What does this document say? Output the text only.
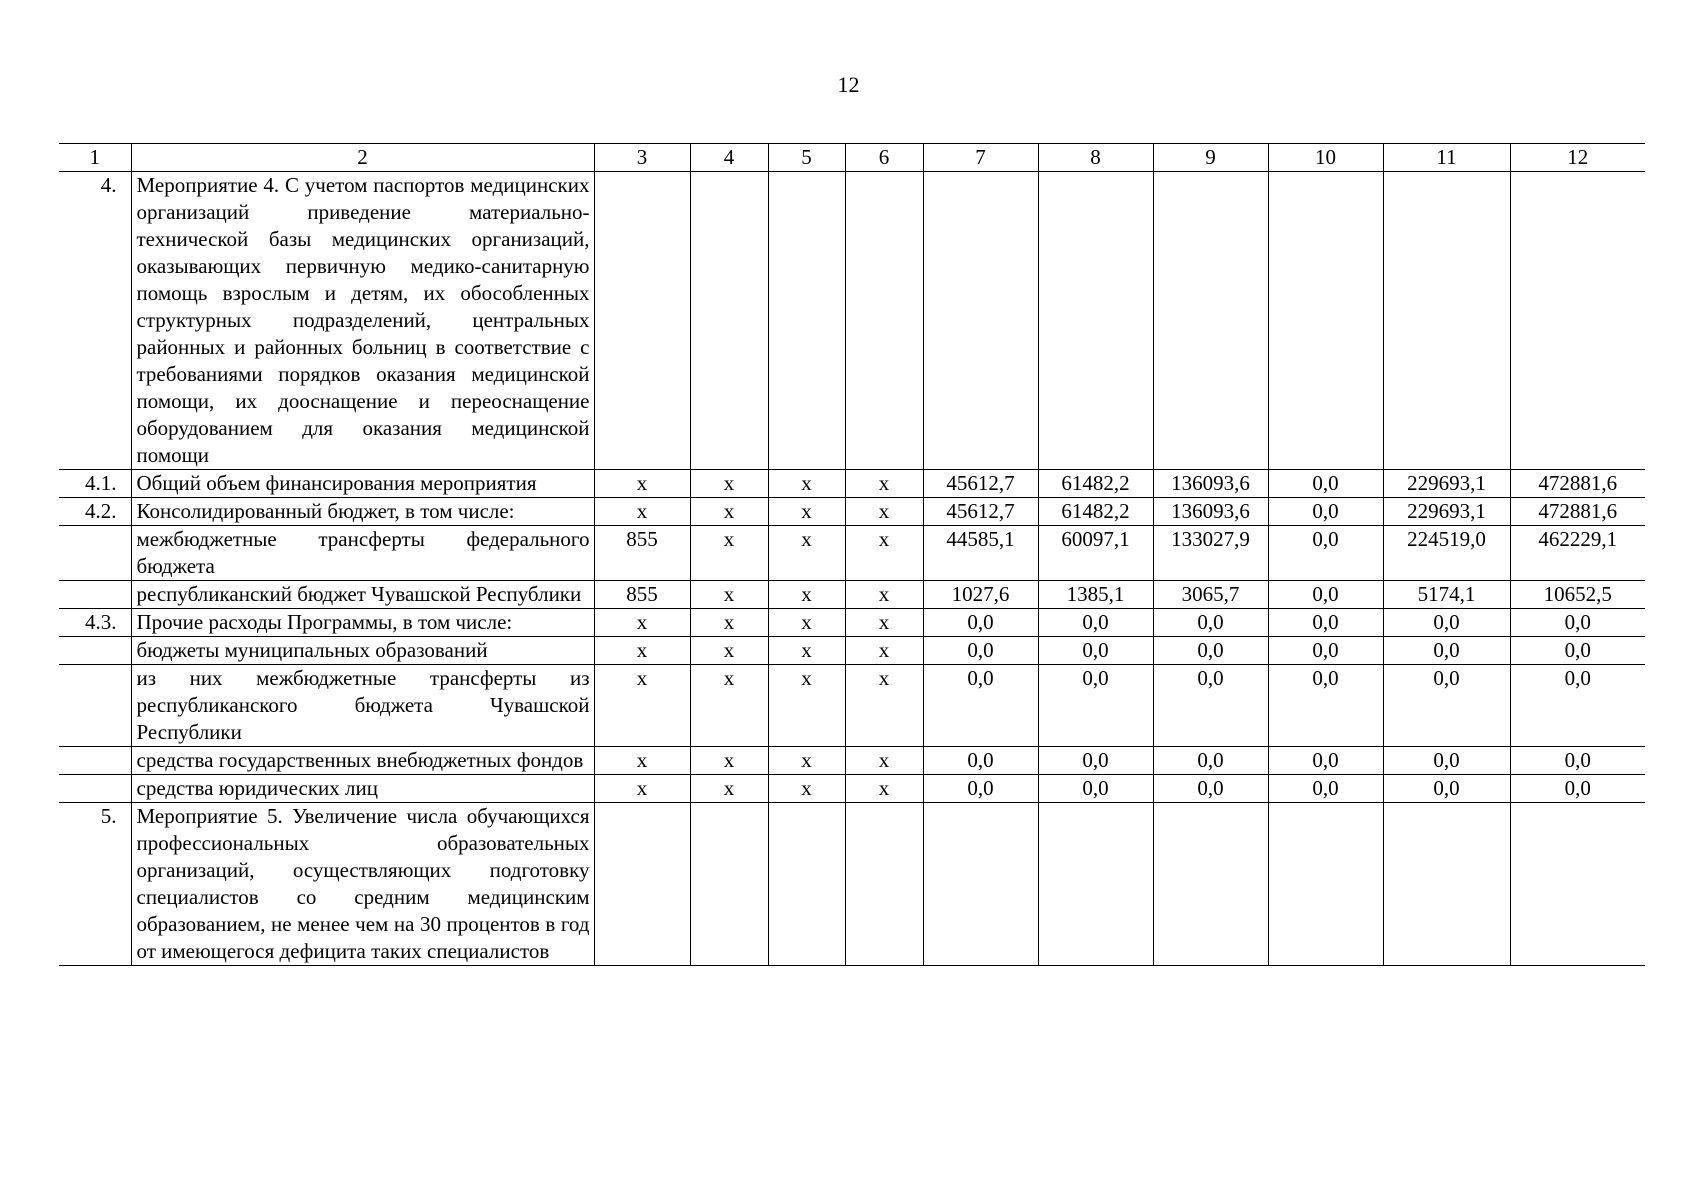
12
1	2	3	4	5	6	7	8	9	10	11	12
4.	Мероприятие 4. С учетом паспортов медицинских организаций приведение материально-технической базы медицинских организаций, оказывающих первичную медико-санитарную помощь взрослым и детям, их обособленных структурных подразделений, центральных районных и районных больниц в соответствие с требованиями порядков оказания медицинской помощи, их дооснащение и переоснащение оборудованием для оказания медицинской помощи										
4.1.	Общий объем финансирования мероприятия	х	х	х	х	45612,7	61482,2	136093,6	0,0	229693,1	472881,6
4.2.	Консолидированный бюджет, в том числе:	х	х	х	х	45612,7	61482,2	136093,6	0,0	229693,1	472881,6
	межбюджетные трансферты федерального бюджета	855	х	х	х	44585,1	60097,1	133027,9	0,0	224519,0	462229,1
	республиканский бюджет Чувашской Республики	855	х	х	х	1027,6	1385,1	3065,7	0,0	5174,1	10652,5
4.3.	Прочие расходы Программы, в том числе:	х	х	х	х	0,0	0,0	0,0	0,0	0,0	0,0
	бюджеты муниципальных образований	х	х	х	х	0,0	0,0	0,0	0,0	0,0	0,0
	из них межбюджетные трансферты из республиканского бюджета Чувашской Республики	х	х	х	х	0,0	0,0	0,0	0,0	0,0	0,0
	средства государственных внебюджетных фондов	х	х	х	х	0,0	0,0	0,0	0,0	0,0	0,0
	средства юридических лиц	х	х	х	х	0,0	0,0	0,0	0,0	0,0	0,0
5.	Мероприятие 5. Увеличение числа обучающихся профессиональных образовательных организаций, осуществляющих подготовку специалистов со средним медицинским образованием, не менее чем на 30 процентов в год от имеющегося дефицита таких специалистов										
